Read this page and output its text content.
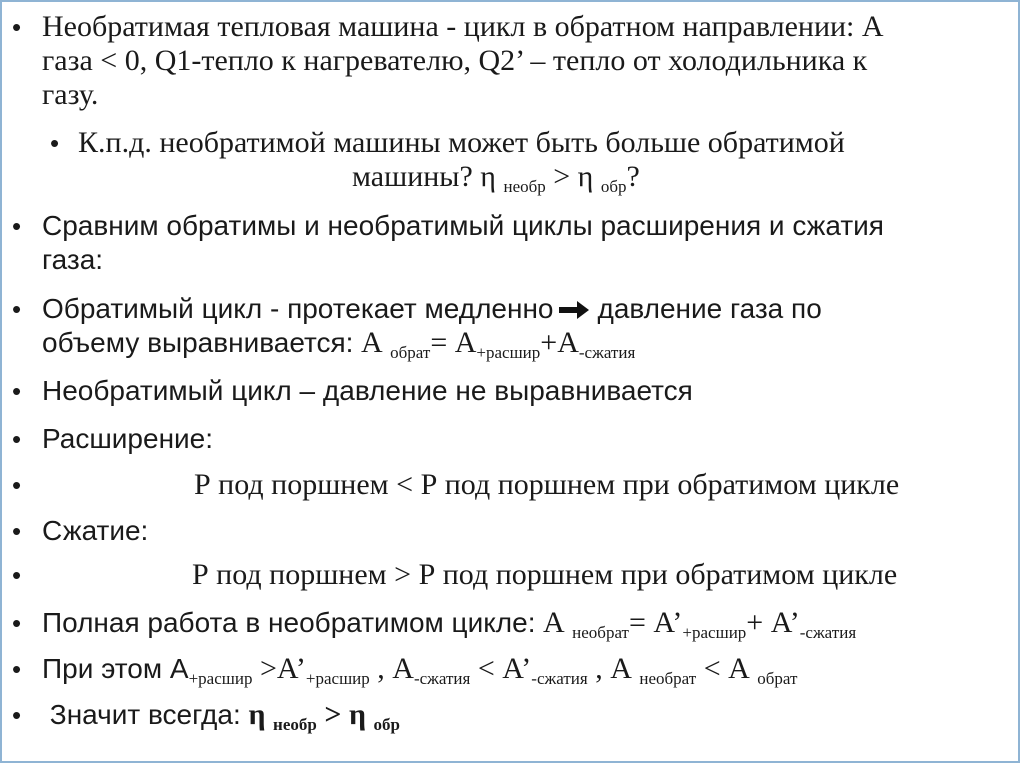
• Необратимая тепловая машина - цикл в обратном направлении: А
газа < 0, Q1-тепло к нагревателю, Q2’ – тепло от холодильника к
газу.
• К.п.д. необратимой машины может быть больше обратимой
машины? η $_{необр}$ > η $_{обр}$?
• Сравним обратимы и необратимый циклы расширения и сжатия
газа:
• Обратимый цикл - протекает медленно давление газа по
объему выравнивается: А $_{обрат}= А_{+расшир}+А_{-сжатия}$
• Необратимый цикл – давление не выравнивается
• Расширение:
•	Р под поршнем < Р под поршнем при обратимом цикле
• Сжатие:
•	Р под поршнем > Р под поршнем при обратимом цикле
• Полная работа в необратимом цикле: А $_{необрат}= А’_{+расшир}+$ $А’_{-сжатия}$
• При этом $А_{+расшир}$ $>А’_{+расшир}$ , $А_{-сжатия}$ < $А’_{-сжатия}$ , А $_{необрат}$ < А $_{обрат}$
• Значит всегда: η $_{необр}$ > η $_{обр}$
